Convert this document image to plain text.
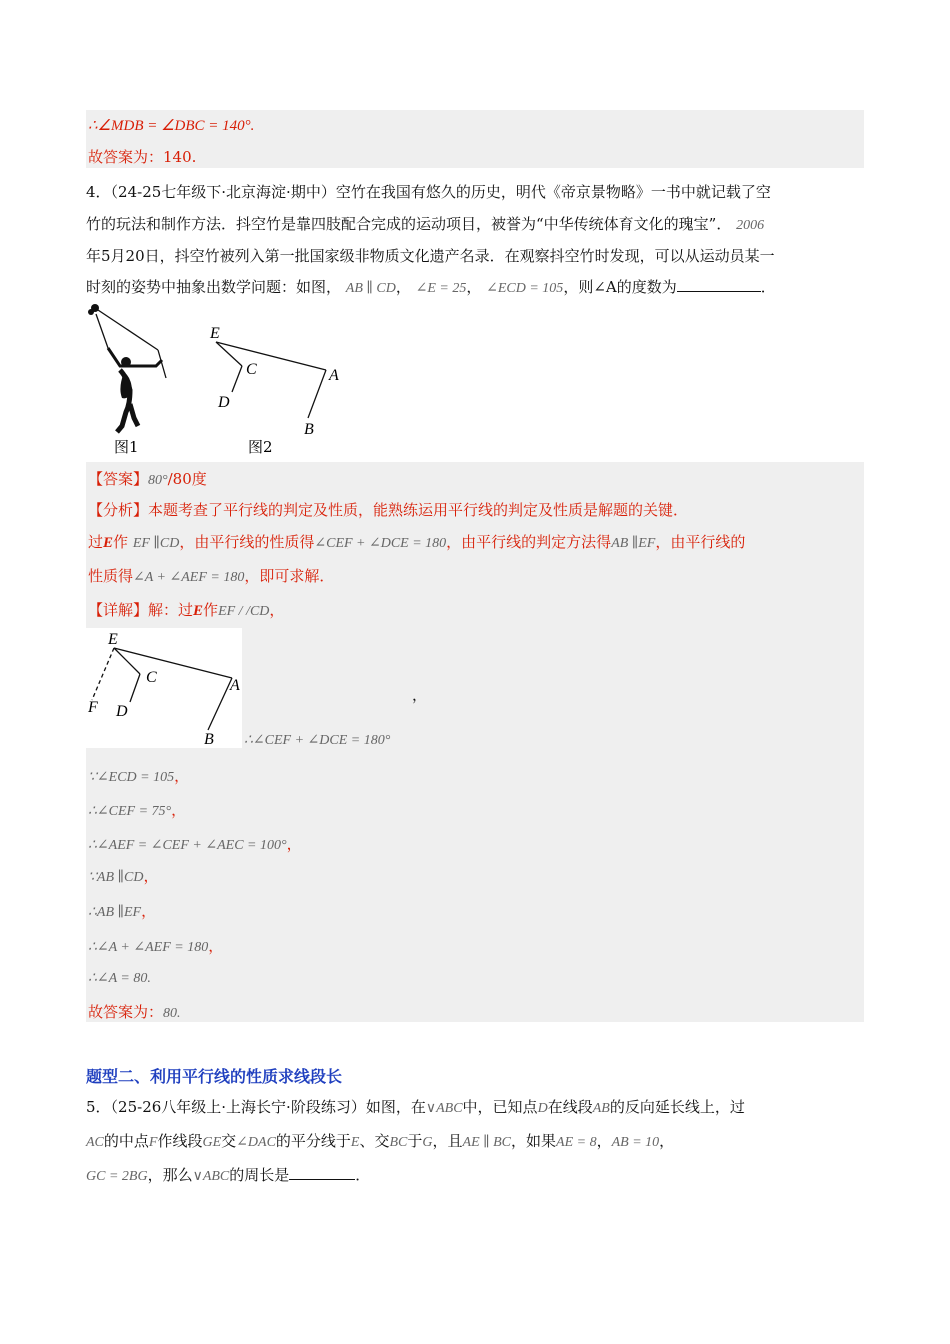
∴∠MDB = ∠DBC = 140°.
故答案为：140.
4．（24-25七年级下·北京海淀·期中）空竹在我国有悠久的历史，明代《帝京景物略》一书中就记载了空
竹的玩法和制作方法．抖空竹是靠四肢配合完成的运动项目，被誉为“中华传统体育文化的瑰宝”． 2006
年5月20日，抖空竹被列入第一批国家级非物质文化遗产名录．在观察抖空竹时发现，可以从运动员某一
时刻的姿势中抽象出数学问题：如图， AB ∥ CD， ∠E = 25， ∠ECD = 105，则∠A的度数为	．
图1
E
C	A
D
B
图2
【答案】80°/80度
【分析】本题考查了平行线的判定及性质，能熟练运用平行线的判定及性质是解题的关键．
过E作 EF ∥CD，由平行线的性质得∠CEF + ∠DCE = 180，由平行线的判定方法得AB ∥EF，由平行线的
性质得∠A + ∠AEF = 180，即可求解．
【详解】解：过E作EF / /CD，
E
C	A
D
F
B
，
∴∠CEF + ∠DCE = 180°
∵∠ECD = 105，
∴∠CEF = 75°，
∴∠AEF = ∠CEF + ∠AEC = 100°，
∵AB ∥CD，
∴AB ∥EF，
∴∠A + ∠AEF = 180，
∴∠A = 80.
故答案为：80.
题型二、利用平行线的性质求线段长
5．（25-26八年级上·上海长宁·阶段练习）如图，在∨ABC中，已知点D在线段AB的反向延长线上，过
AC的中点F作线段GE交∠DAC的平分线于E、交BC于G，且AE ∥ BC，如果AE = 8，AB = 10，
GC = 2BG，那么∨ABC的周长是	．
